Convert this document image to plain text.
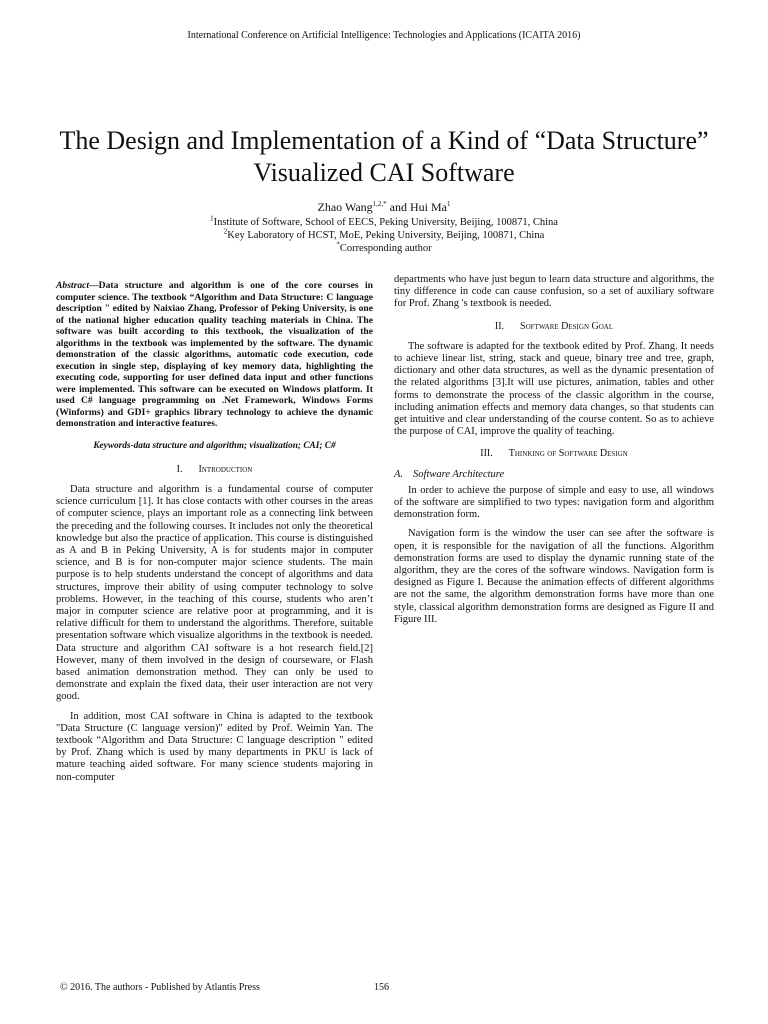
International Conference on Artificial Intelligence: Technologies and Applications (ICAITA 2016)
The Design and Implementation of a Kind of “Data Structure” Visualized CAI Software
Zhao Wang$^{1,2,*}$ and Hui Ma$^1$
$^1$Institute of Software, School of EECS, Peking University, Beijing, 100871, China
$^2$Key Laboratory of HCST, MoE, Peking University, Beijing, 100871, China
*Corresponding author

Abstract—Data structure and algorithm is one of the core courses in computer science. The textbook “Algorithm and Data Structure: C language description " edited by Naixiao Zhang, Professor of Peking University, is one of the national higher education quality teaching materials in China. The software was built according to this textbook, the visualization of the algorithms in the textbook was implemented by the software. The dynamic demonstration of the classic algorithms, automatic code execution, code execution in single step, displaying of key memory data, highlighting the executing code, supporting for user defined data input and other functions were implemented. This software can be executed on Windows platform. It used C# language programming on .Net Framework, Windows Forms (Winforms) and GDI+ graphics library technology to achieve the dynamic demonstration and interactive features.

Keywords-data structure and algorithm; visualization; CAI; C#
I. Introduction

Data structure and algorithm is a fundamental course of computer science curriculum [1]. It has close contacts with other courses in the areas of computer science, plays an important role as a connecting link between the preceding and the following courses. It includes not only the theoretical knowledge but also the practice of application. This course is distinguished as A and B in Peking University, A is for students major in computer science, and B is for non-computer major science students. The main purpose is to help students understand the concept of algorithms and data structures, improve their ability of using computer technology to solve problems. However, in the teaching of this course, students who aren’t major in computer science are relative poor at programming, and it is relative difficult for them to understand the algorithms. Therefore, suitable presentation software which visualize algorithms in the textbook is needed. Data structure and algorithm CAI software is a hot research field.[2] However, many of them involved in the design of courseware, or Flash based animation demonstration method. They can only be used to demonstrate and explain the fixed data, their user interaction are not very good.

In addition, most CAI software in China is adapted to the textbook "Data Structure (C language version)" edited by Prof. Weimin Yan. The textbook “Algorithm and Data Structure: C language description " edited by Prof. Zhang which is used by many departments in PKU is lack of mature teaching aided software. For many science students majoring in non-computer

departments who have just begun to learn data structure and algorithms, the tiny difference in code can cause confusion, so a set of auxiliary software for Prof. Zhang 's textbook is needed.

II. Software Design Goal

The software is adapted for the textbook edited by Prof. Zhang. It needs to achieve linear list, string, stack and queue, binary tree and tree, graph, dictionary and other data structures, as well as the dynamic presentation of the related algorithms [3].It will use pictures, animation, tables and other forms to demonstrate the process of the classic algorithm in the course, including animation effects and memory data changes, so that students can get intuitive and clear understanding of the course content. So as to achieve the purpose of CAI, improve the quality of teaching.

III. Thinking of Software Design
A. Software Architecture

In order to achieve the purpose of simple and easy to use, all windows of the software are simplified to two types: navigation form and algorithm demonstration form.

Navigation form is the window the user can see after the software is open, it is responsible for the navigation of all the functions. Algorithm demonstration forms are used to display the dynamic running state of the algorithm, they are the cores of the software windows. Navigation form is designed as Figure I. Because the animation effects of different algorithms are not the same, the algorithm demonstration forms have more than one style, classical algorithm demonstration forms are designed as Figure II and Figure III.

© 2016. The authors - Published by Atlantis Press	156
